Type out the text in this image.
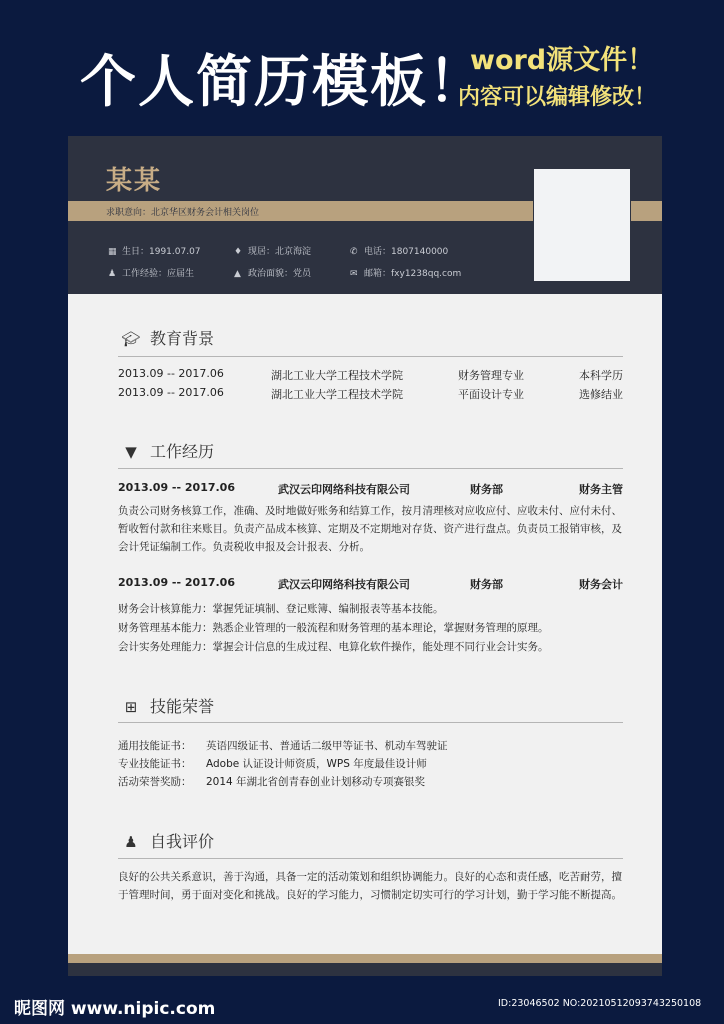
个人简历模板！
word源文件！
内容可以编辑修改！
某某
求职意向：北京华区财务会计相关岗位
▦ 生日：1991.07.07	♦ 现居：北京海淀	✆ 电话：1807140000
♟ 工作经验：应届生	▲ 政治面貌：党员	✉ 邮箱：fxy1238qq.com
🎓︎ 教育背景
2013.09 -- 2017.06	湖北工业大学工程技术学院	财务管理专业	本科学历
2013.09 -- 2017.06	湖北工业大学工程技术学院	平面设计专业	选修结业
▼ 工作经历
2013.09 -- 2017.06	武汉云印网络科技有限公司	财务部	财务主管
负责公司财务核算工作，准确、及时地做好账务和结算工作，按月清理核对应收应付、应收未付、应付未付、暂收暂付款和往来账目。负责产品成本核算、定期及不定期地对存货、资产进行盘点。负责员工报销审核，及会计凭证编制工作。负责税收申报及会计报表、分析。
2013.09 -- 2017.06	武汉云印网络科技有限公司	财务部	财务会计
财务会计核算能力：掌握凭证填制、登记账簿、编制报表等基本技能。
财务管理基本能力：熟悉企业管理的一般流程和财务管理的基本理论，掌握财务管理的原理。
会计实务处理能力：掌握会计信息的生成过程、电算化软件操作，能处理不同行业会计实务。
⊞ 技能荣誉
通用技能证书： 英语四级证书、普通话二级甲等证书、机动车驾驶证
专业技能证书： Adobe 认证设计师资质，WPS 年度最佳设计师
活动荣誉奖励： 2014 年湖北省创青春创业计划移动专项赛银奖
♟ 自我评价
良好的公共关系意识，善于沟通，具备一定的活动策划和组织协调能力。良好的心态和责任感，吃苦耐劳，擅于管理时间，勇于面对变化和挑战。良好的学习能力，习惯制定切实可行的学习计划，勤于学习能不断提高。
昵图网 www.nipic.com	ID:23046502 NO:20210512093743250108
